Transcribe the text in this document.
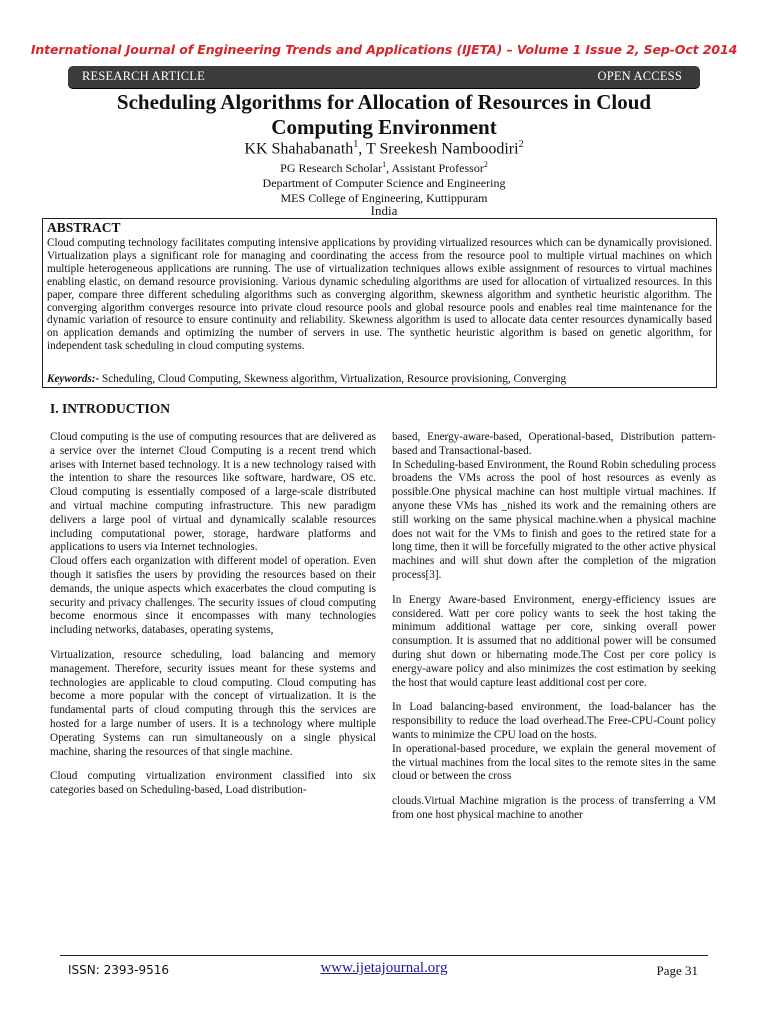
International Journal of Engineering Trends and Applications (IJETA) – Volume 1 Issue 2, Sep-Oct 2014
RESEARCH ARTICLE	OPEN ACCESS
Scheduling Algorithms for Allocation of Resources in Cloud
Computing Environment
KK Shahabanath$^1$, T Sreekesh Namboodiri$^2$
PG Research Scholar$^1$, Assistant Professor$^2$
Department of Computer Science and Engineering
MES College of Engineering, Kuttippuram
India
ABSTRACT
Cloud computing technology facilitates computing intensive applications by providing virtualized resources which can be dynamically provisioned. Virtualization plays a significant role for managing and coordinating the access from the resource pool to multiple virtual machines on which multiple heterogeneous applications are running. The use of virtualization techniques allows exible assignment of resources to virtual machines enabling elastic, on demand resource provisioning. Various dynamic scheduling algorithms are used for allocation of virtualized resources. In this paper, compare three different scheduling algorithms such as converging algorithm, skewness algorithm and synthetic heuristic algorithm. The converging algorithm converges resource into private cloud resource pools and global resource pools and enables real time maintenance for the dynamic variation of resource to ensure continuity and reliability. Skewness algorithm is used to allocate data center resources dynamically based on application demands and optimizing the number of servers in use. The synthetic heuristic algorithm is based on genetic algorithm, for independent task scheduling in cloud computing systems.
Keywords:- Scheduling, Cloud Computing, Skewness algorithm, Virtualization, Resource provisioning, Converging
I. INTRODUCTION

Cloud computing is the use of computing resources that are delivered as a service over the internet Cloud Computing is a recent trend which arises with Internet based technology. It is a new technology raised with the intention to share the resources like software, hardware, OS etc. Cloud computing is essentially composed of a large-scale distributed and virtual machine computing infrastructure. This new paradigm delivers a large pool of virtual and dynamically scalable resources including computational power, storage, hardware platforms and applications to users via Internet technologies.

Cloud offers each organization with different model of operation. Even though it satisfies the users by providing the resources based on their demands, the unique aspects which exacerbates the cloud computing is security and privacy challenges. The security issues of cloud computing become enormous since it encompasses with many technologies including networks, databases, operating systems,

Virtualization, resource scheduling, load balancing and memory management. Therefore, security issues meant for these systems and technologies are applicable to cloud computing. Cloud computing has become a more popular with the concept of virtualization. It is the fundamental parts of cloud computing through this the services are hosted for a large number of users. It is a technology where multiple Operating Systems can run simultaneously on a single physical machine, sharing the resources of that single machine.

Cloud computing virtualization environment classified into six categories based on Scheduling-based, Load distribution-

based, Energy-aware-based, Operational-based, Distribution pattern-based and Transactional-based.

In Scheduling-based Environment, the Round Robin scheduling process broadens the VMs across the pool of host resources as evenly as possible.One physical machine can host multiple virtual machines. If anyone these VMs has _nished its work and the remaining others are still working on the same physical machine.when a physical machine does not wait for the VMs to finish and goes to the retired state for a long time, then it will be forcefully migrated to the other active physical machines and will shut down after the completion of the migration process[3].

In Energy Aware-based Environment, energy-efficiency issues are considered. Watt per core policy wants to seek the host taking the minimum additional wattage per core, sinking overall power consumption. It is assumed that no additional power will be consumed during shut down or hibernating mode.The Cost per core policy is energy-aware policy and also minimizes the cost estimation by seeking the host that would capture least additional cost per core.

In Load balancing-based environment, the load-balancer has the responsibility to reduce the load overhead.The Free-CPU-Count policy wants to minimize the CPU load on the hosts.

In operational-based procedure, we explain the general movement of the virtual machines from the local sites to the remote sites in the same cloud or between the cross

clouds.Virtual Machine migration is the process of transferring a VM from one host physical machine to another

ISSN: 2393-9516	www.ijetajournal.org	Page 31
